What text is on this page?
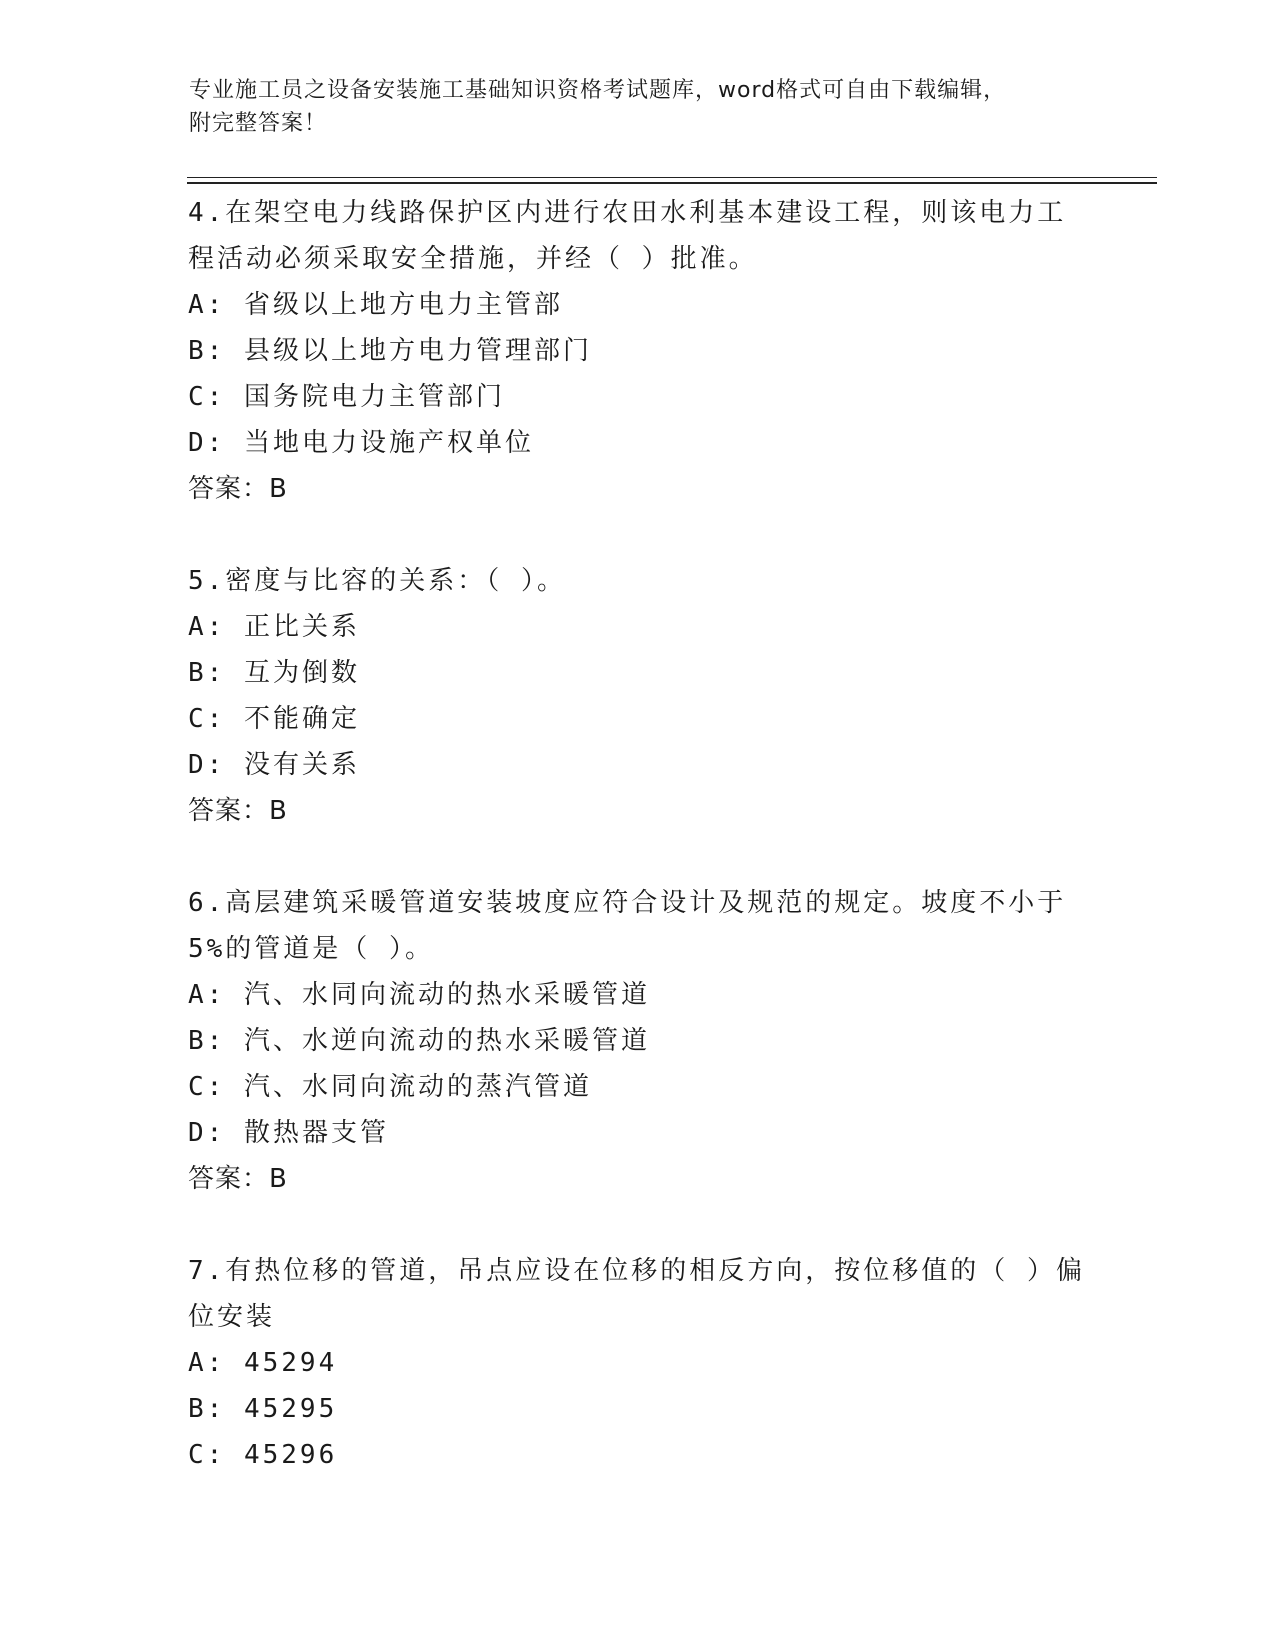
专业施工员之设备安装施工基础知识资格考试题库，word格式可自由下载编辑，
附完整答案！
4.在架空电力线路保护区内进行农田水利基本建设工程，则该电力工
程活动必须采取安全措施，并经（ ）批准。
A: 省级以上地方电力主管部
B: 县级以上地方电力管理部门
C: 国务院电力主管部门
D: 当地电力设施产权单位
答案：B
5.密度与比容的关系：（ ）。
A: 正比关系
B: 互为倒数
C: 不能确定
D: 没有关系
答案：B
6.高层建筑采暖管道安装坡度应符合设计及规范的规定。坡度不小于
5%的管道是（ ）。
A: 汽、水同向流动的热水采暖管道
B: 汽、水逆向流动的热水采暖管道
C: 汽、水同向流动的蒸汽管道
D: 散热器支管
答案：B
7.有热位移的管道，吊点应设在位移的相反方向，按位移值的（ ）偏
位安装
A: 45294
B: 45295
C: 45296
